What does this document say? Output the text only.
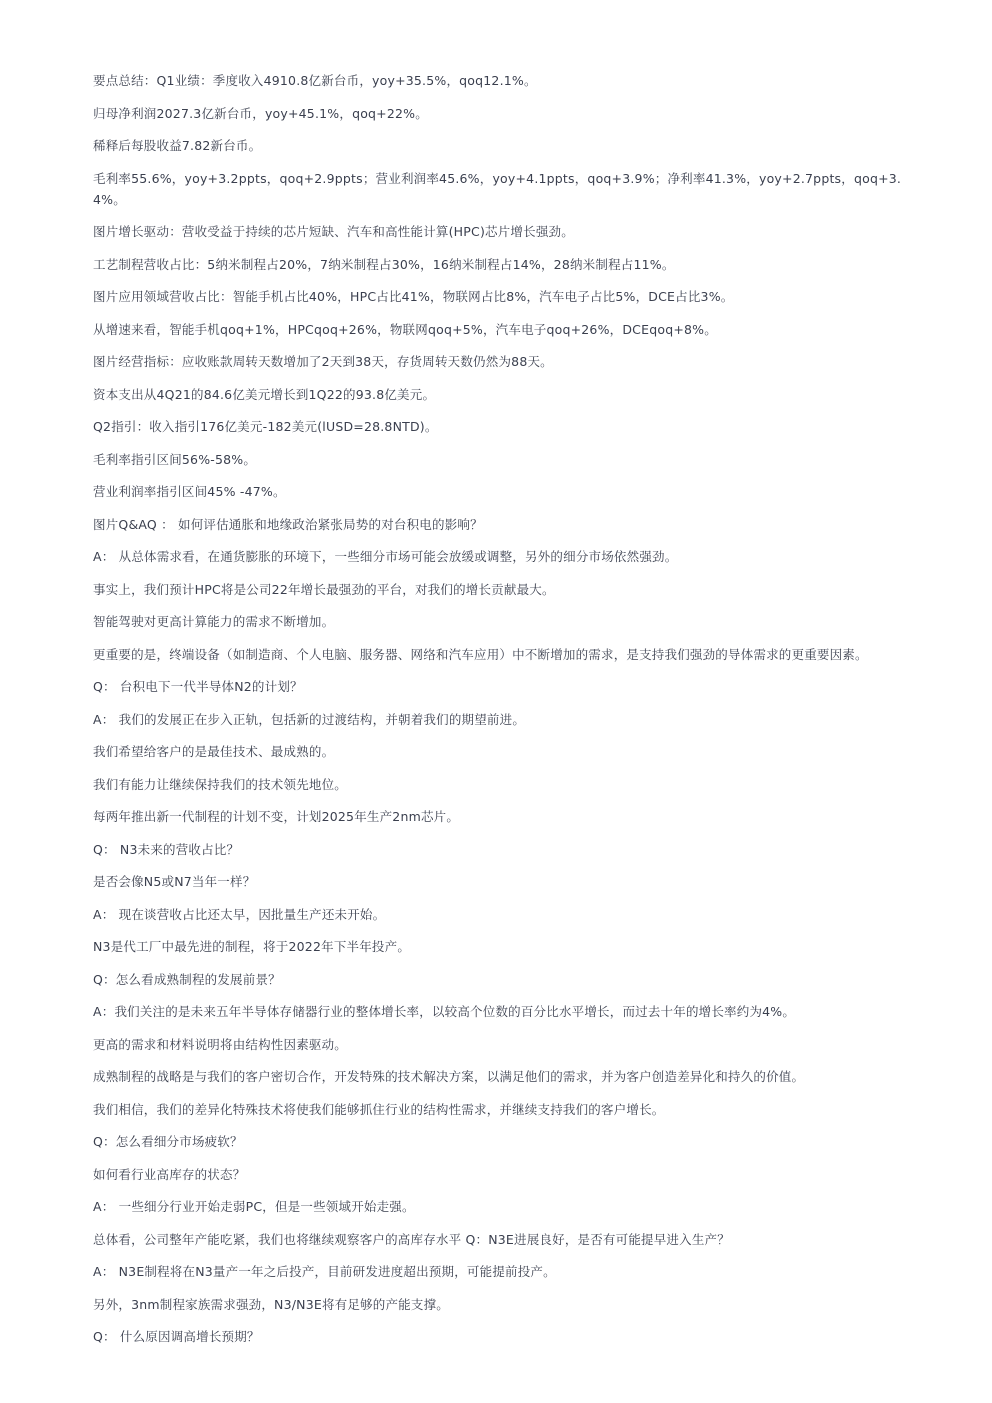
要点总结：Q1业绩：季度收入4910.8亿新台币，yoy+35.5%，qoq12.1%。

归母净利润2027.3亿新台币，yoy+45.1%，qoq+22%。

稀释后每股收益7.82新台币。

毛利率55.6%，yoy+3.2ppts，qoq+2.9ppts；营业利润率45.6%，yoy+4.1ppts，qoq+3.9%；净利率41.3%，yoy+2.7ppts，qoq+3.4%。

图片增长驱动：营收受益于持续的芯片短缺、汽车和高性能计算(HPC)芯片增长强劲。

工艺制程营收占比：5纳米制程占20%，7纳米制程占30%，16纳米制程占14%，28纳米制程占11%。

图片应用领域营收占比：智能手机占比40%，HPC占比41%，物联网占比8%，汽车电子占比5%，DCE占比3%。

从增速来看，智能手机qoq+1%，HPCqoq+26%，物联网qoq+5%，汽车电子qoq+26%，DCEqoq+8%。

图片经营指标：应收账款周转天数增加了2天到38天，存货周转天数仍然为88天。

资本支出从4Q21的84.6亿美元增长到1Q22的93.8亿美元。

Q2指引：收入指引176亿美元-182美元(lUSD=28.8NTD)。

毛利率指引区间56%-58%。

营业利润率指引区间45% -47%。

图片Q&AQ ： 如何评估通胀和地缘政治紧张局势的对台积电的影响？

A： 从总体需求看，在通货膨胀的环境下，一些细分市场可能会放缓或调整，另外的细分市场依然强劲。

事实上，我们预计HPC将是公司22年增长最强劲的平台，对我们的增长贡献最大。

智能驾驶对更高计算能力的需求不断增加。

更重要的是，终端设备（如制造商、个人电脑、服务器、网络和汽车应用）中不断增加的需求，是支持我们强劲的导体需求的更重要因素。

Q： 台积电下一代半导体N2的计划？

A： 我们的发展正在步入正轨，包括新的过渡结构，并朝着我们的期望前进。

我们希望给客户的是最佳技术、最成熟的。

我们有能力让继续保持我们的技术领先地位。

每两年推出新一代制程的计划不变，计划2025年生产2nm芯片。

Q： N3未来的营收占比？

是否会像N5或N7当年一样？

A： 现在谈营收占比还太早，因批量生产还未开始。

N3是代工厂中最先进的制程，将于2022年下半年投产。

Q：怎么看成熟制程的发展前景？

A：我们关注的是未来五年半导体存储器行业的整体增长率，以较高个位数的百分比水平增长，而过去十年的增长率约为4%。

更高的需求和材料说明将由结构性因素驱动。

成熟制程的战略是与我们的客户密切合作，开发特殊的技术解决方案，以满足他们的需求，并为客户创造差异化和持久的价值。

我们相信，我们的差异化特殊技术将使我们能够抓住行业的结构性需求，并继续支持我们的客户增长。

Q：怎么看细分市场疲软？

如何看行业高库存的状态？

A： 一些细分行业开始走弱PC，但是一些领域开始走强。

总体看，公司整年产能吃紧，我们也将继续观察客户的高库存水平 Q：N3E进展良好，是否有可能提早进入生产？

A： N3E制程将在N3量产一年之后投产，目前研发进度超出预期，可能提前投产。

另外，3nm制程家族需求强劲，N3/N3E将有足够的产能支撑。

Q： 什么原因调高增长预期？
